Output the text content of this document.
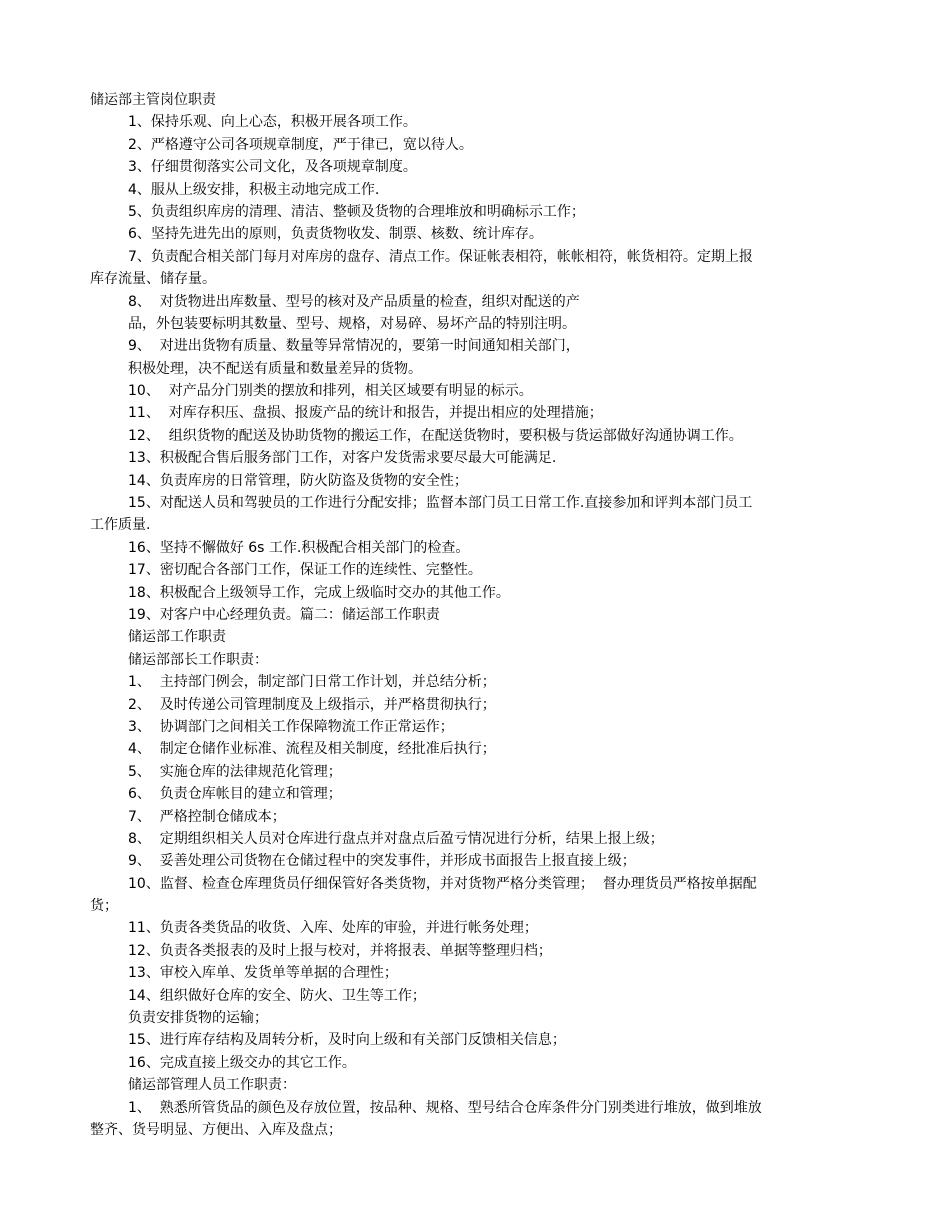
储运部主管岗位职责

1、保持乐观、向上心态，积极开展各项工作。

2、严格遵守公司各项规章制度，严于律已，宽以待人。

3、仔细贯彻落实公司文化，及各项规章制度。

4、服从上级安排，积极主动地完成工作.

5、负责组织库房的清理、清洁、整顿及货物的合理堆放和明确标示工作；

6、坚持先进先出的原则，负责货物收发、制票、核数、统计库存。

7、负责配合相关部门每月对库房的盘存、清点工作。保证帐表相符，帐帐相符，帐货相符。定期上报

库存流量、储存量。

8、  对货物进出库数量、型号的核对及产品质量的检查，组织对配送的产

品，外包装要标明其数量、型号、规格，对易碎、易坏产品的特别注明。

9、  对进出货物有质量、数量等异常情况的，要第一时间通知相关部门，

积极处理，决不配送有质量和数量差异的货物。

10、  对产品分门别类的摆放和排列，相关区域要有明显的标示。

11、  对库存积压、盘损、报废产品的统计和报告，并提出相应的处理措施；

12、  组织货物的配送及协助货物的搬运工作，在配送货物时，要积极与货运部做好沟通协调工作。

13、积极配合售后服务部门工作，对客户发货需求要尽最大可能满足.

14、负责库房的日常管理，防火防盗及货物的安全性；

15、对配送人员和驾驶员的工作进行分配安排；监督本部门员工日常工作.直接参加和评判本部门员工

工作质量.

16、坚持不懈做好 6s 工作.积极配合相关部门的检查。

17、密切配合各部门工作，保证工作的连续性、完整性。

18、积极配合上级领导工作，完成上级临时交办的其他工作。

19、对客户中心经理负责。篇二：储运部工作职责

储运部工作职责

储运部部长工作职责：

1、  主持部门例会，制定部门日常工作计划，并总结分析；

2、  及时传递公司管理制度及上级指示，并严格贯彻执行；

3、  协调部门之间相关工作保障物流工作正常运作；

4、  制定仓储作业标准、流程及相关制度，经批准后执行；

5、  实施仓库的法律规范化管理；

6、  负责仓库帐目的建立和管理；

7、  严格控制仓储成本；

8、  定期组织相关人员对仓库进行盘点并对盘点后盈亏情况进行分析，结果上报上级；

9、  妥善处理公司货物在仓储过程中的突发事件，并形成书面报告上报直接上级；

10、监督、检查仓库理货员仔细保管好各类货物，并对货物严格分类管理；  督办理货员严格按单据配

货；

11、负责各类货品的收货、入库、处库的审验，并进行帐务处理；

12、负责各类报表的及时上报与校对，并将报表、单据等整理归档；

13、审校入库单、发货单等单据的合理性；

14、组织做好仓库的安全、防火、卫生等工作；

负责安排货物的运输；

15、进行库存结构及周转分析，及时向上级和有关部门反馈相关信息；

16、完成直接上级交办的其它工作。

储运部管理人员工作职责：

1、  熟悉所管货品的颜色及存放位置，按品种、规格、型号结合仓库条件分门别类进行堆放，做到堆放

整齐、货号明显、方便出、入库及盘点；
